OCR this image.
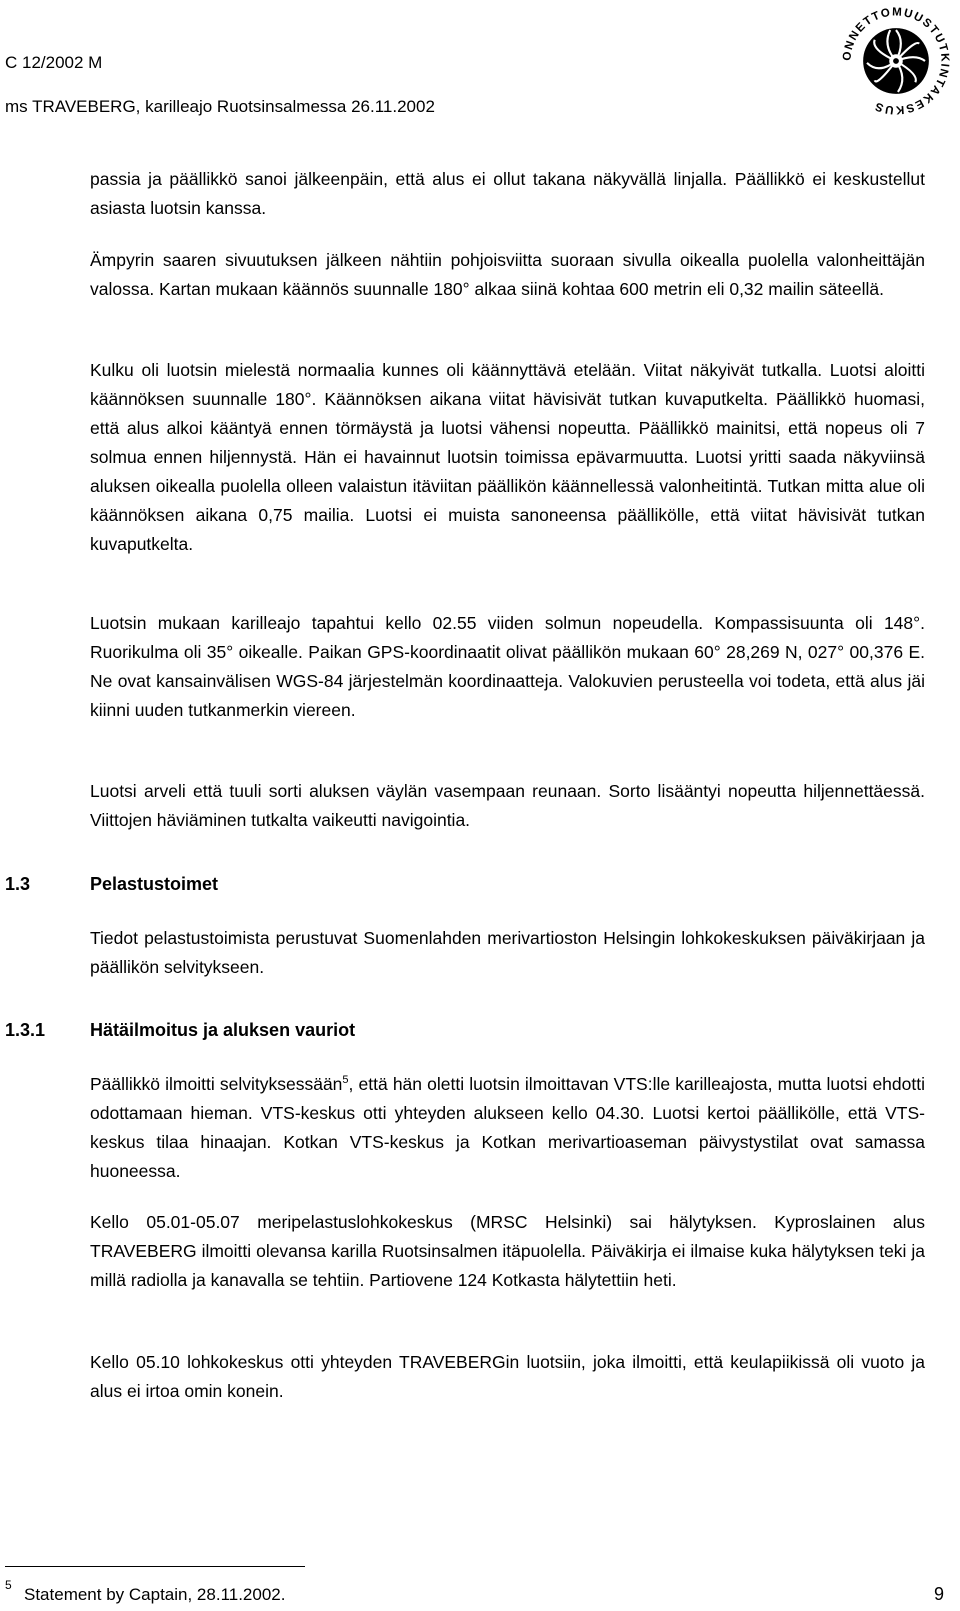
C 12/2002 M
ms TRAVEBERG, karilleajo Ruotsinsalmessa 26.11.2002
ONNETTOMUUSTUTKINTAKESKUS

passia ja päällikkö sanoi jälkeenpäin, että alus ei ollut takana näkyvällä linjalla. Päällikkö ei keskustellut asiasta luotsin kanssa.

Ämpyrin saaren sivuutuksen jälkeen nähtiin pohjoisviitta suoraan sivulla oikealla puolella valonheittäjän valossa. Kartan mukaan käännös suunnalle 180° alkaa siinä kohtaa 600 metrin eli 0,32 mailin säteellä.

Kulku oli luotsin mielestä normaalia kunnes oli käännyttävä etelään. Viitat näkyivät tutkalla. Luotsi aloitti käännöksen suunnalle 180°. Käännöksen aikana viitat hävisivät tutkan kuvaputkelta. Päällikkö huomasi, että alus alkoi kääntyä ennen törmäystä ja luotsi vähensi nopeutta. Päällikkö mainitsi, että nopeus oli 7 solmua ennen hiljennystä. Hän ei havainnut luotsin toimissa epävarmuutta. Luotsi yritti saada näkyviinsä aluksen oikealla puolella olleen valaistun itäviitan päällikön käännellessä valonheitintä. Tutkan mitta alue oli käännöksen aikana 0,75 mailia. Luotsi ei muista sanoneensa päällikölle, että viitat hävisivät tutkan kuvaputkelta.

Luotsin mukaan karilleajo tapahtui kello 02.55 viiden solmun nopeudella. Kompassisuunta oli 148°. Ruorikulma oli 35° oikealle. Paikan GPS-koordinaatit olivat päällikön mukaan 60° 28,269 N, 027° 00,376 E. Ne ovat kansainvälisen WGS-84 järjestelmän koordinaatteja. Valokuvien perusteella voi todeta, että alus jäi kiinni uuden tutkanmerkin viereen.

Luotsi arveli että tuuli sorti aluksen väylän vasempaan reunaan. Sorto lisääntyi nopeutta hiljennettäessä. Viittojen häviäminen tutkalta vaikeutti navigointia.

1.3	Pelastustoimet

Tiedot pelastustoimista perustuvat Suomenlahden merivartioston Helsingin lohkokeskuksen päiväkirjaan ja päällikön selvitykseen.

1.3.1 Hätäilmoitus ja aluksen vauriot

Päällikkö ilmoitti selvityksessään$^5$, että hän oletti luotsin ilmoittavan VTS:lle karilleajosta, mutta luotsi ehdotti odottamaan hieman. VTS-keskus otti yhteyden alukseen kello 04.30. Luotsi kertoi päällikölle, että VTS-keskus tilaa hinaajan. Kotkan VTS-keskus ja Kotkan merivartioaseman päivystystilat ovat samassa huoneessa.

Kello 05.01-05.07 meripelastuslohkokeskus (MRSC Helsinki) sai hälytyksen. Kyproslainen alus TRAVEBERG ilmoitti olevansa karilla Ruotsinsalmen itäpuolella. Päiväkirja ei ilmaise kuka hälytyksen teki ja millä radiolla ja kanavalla se tehtiin. Partiovene 124 Kotkasta hälytettiin heti.

Kello 05.10 lohkokeskus otti yhteyden TRAVEBERGin luotsiin, joka ilmoitti, että keulapiikissä oli vuoto ja alus ei irtoa omin konein.

5 Statement by Captain, 28.11.2002.	9
